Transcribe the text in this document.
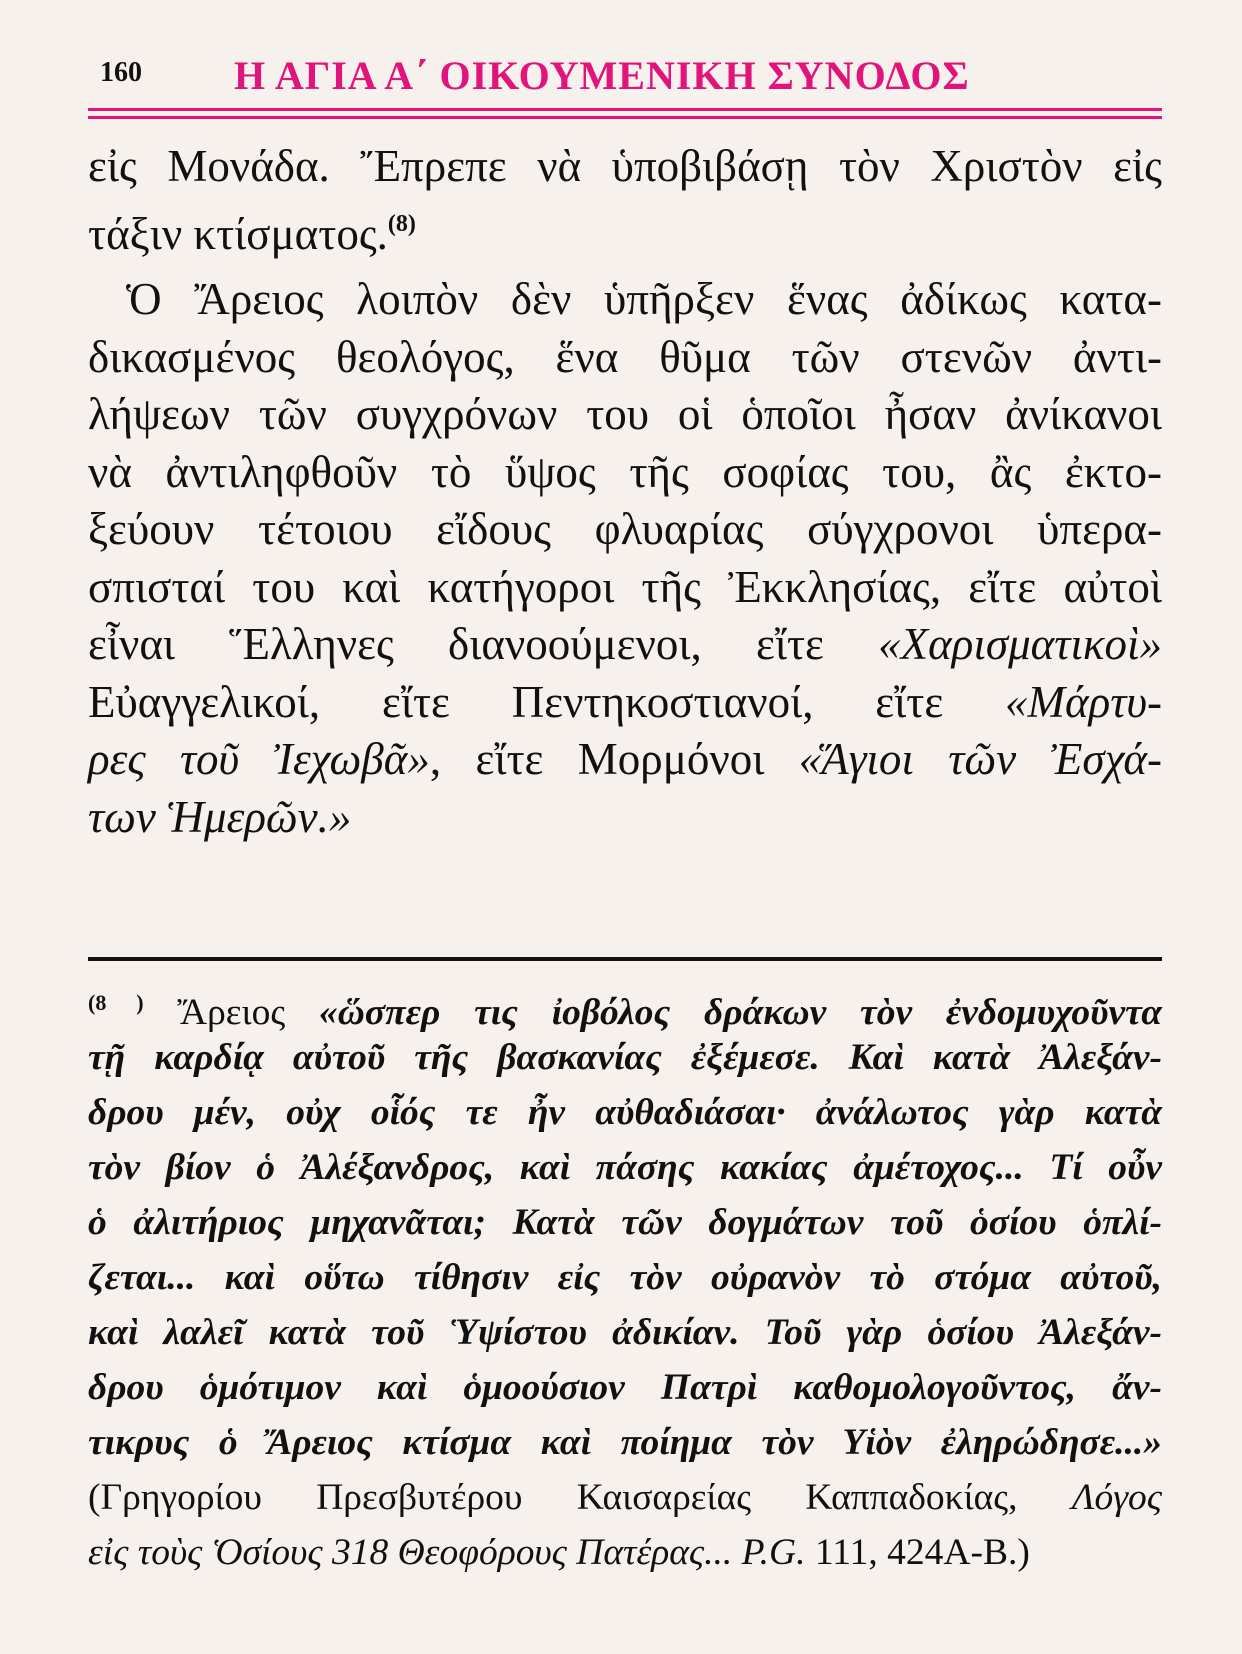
160 Η ΑΓΙΑ Α΄ ΟΙΚΟΥΜΕΝΙΚΗ ΣΥΝΟΔΟΣ
εἰς Μονάδα. Ἔπρεπε νὰ ὑποβιβάσῃ τὸν Χριστὸν εἰς
τάξιν κτίσματος.$^{(8)}$
Ὁ Ἄρειος λοιπὸν δὲν ὑπῆρξεν ἕνας ἀδίκως κατα-
δικασμένος θεολόγος, ἕνα θῦμα τῶν στενῶν ἀντι-
λήψεων τῶν συγχρόνων του οἱ ὁποῖοι ἦσαν ἀνίκανοι
νὰ ἀντιληφθοῦν τὸ ὕψος τῆς σοφίας του, ἂς ἐκτο-
ξεύουν τέτοιου εἴδους φλυαρίας σύγχρονοι ὑπερα-
σπισταί του καὶ κατήγοροι τῆς Ἐκκλησίας, εἴτε αὐτοὶ
εἶναι Ἕλληνες διανοούμενοι, εἴτε «Χαρισματικοὶ»
Εὐαγγελικοί, εἴτε Πεντηκοστιανοί, εἴτε «Μάρτυ-
ρες τοῦ Ἰεχωβᾶ», εἴτε Μορμόνοι «Ἅγιοι τῶν Ἐσχά-
των Ἡμερῶν.»
$^{(8 )}$ Ἄρειος «ὥσπερ τις ἰοβόλος δράκων τὸν ἐνδομυχοῦντα
τῇ καρδίᾳ αὐτοῦ τῆς βασκανίας ἐξέμεσε. Καὶ κατὰ Ἀλεξάν-
δρου μέν, οὐχ οἷός τε ἦν αὐθαδιάσαι· ἀνάλωτος γὰρ κατὰ
τὸν βίον ὁ Ἀλέξανδρος, καὶ πάσης κακίας ἀμέτοχος... Τί οὖν
ὁ ἀλιτήριος μηχανᾶται; Κατὰ τῶν δογμάτων τοῦ ὁσίου ὁπλί-
ζεται... καὶ οὕτω τίθησιν εἰς τὸν οὐρανὸν τὸ στόμα αὐτοῦ,
καὶ λαλεῖ κατὰ τοῦ Ὑψίστου ἀδικίαν. Τοῦ γὰρ ὁσίου Ἀλεξάν-
δρου ὁμότιμον καὶ ὁμοούσιον Πατρὶ καθομολογοῦντος, ἄν-
τικρυς ὁ Ἄρειος κτίσμα καὶ ποίημα τὸν Υἱὸν ἐληρώδησε...»
(Γρηγορίου Πρεσβυτέρου Καισαρείας Καππαδοκίας, Λόγος
εἰς τοὺς Ὁσίους 318 Θεοφόρους Πατέρας... P.G. 111, 424A-B.)
